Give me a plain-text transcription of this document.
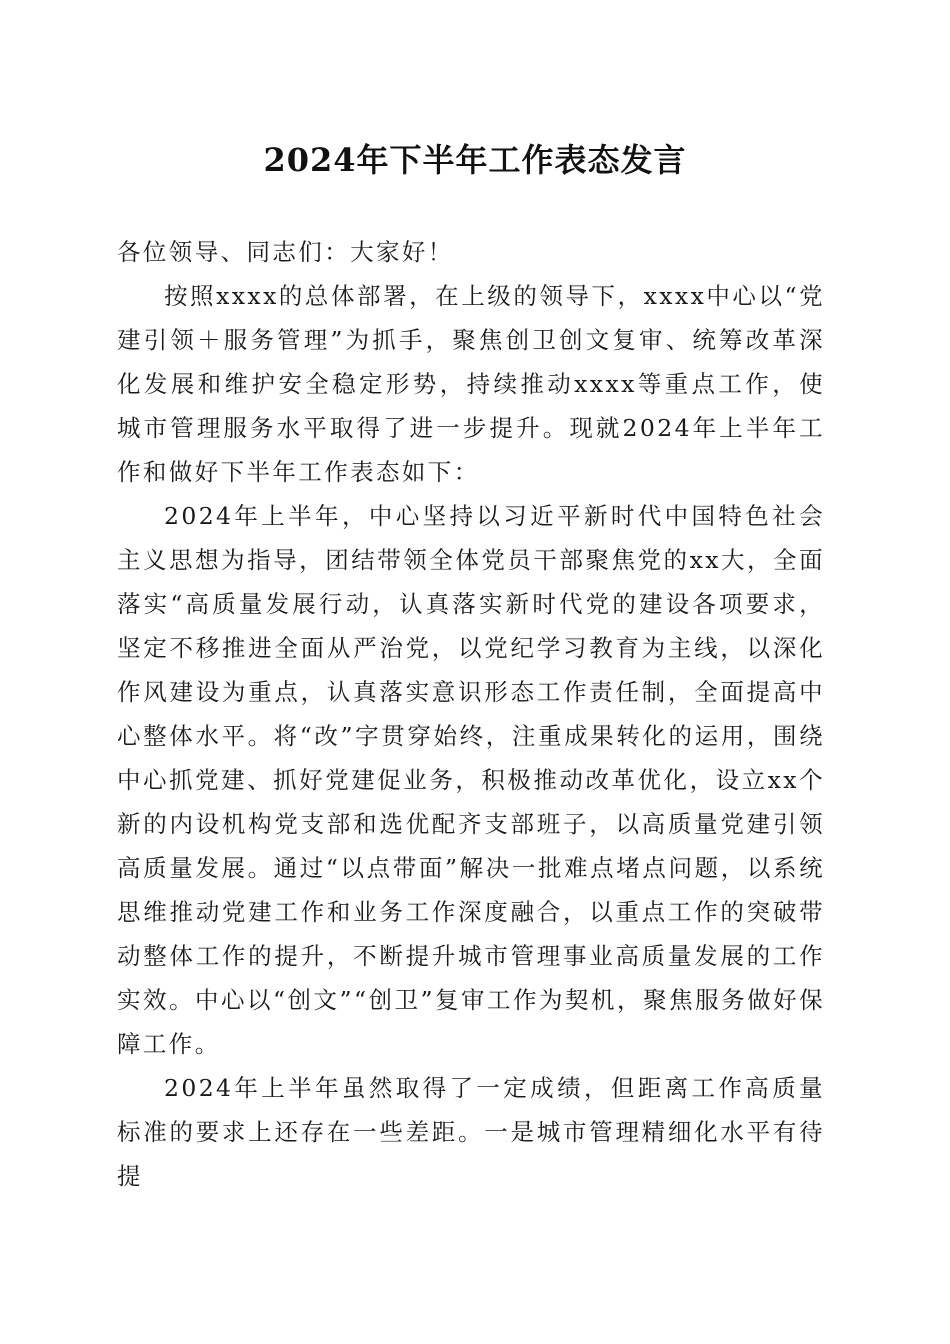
2024年下半年工作表态发言

各位领导、同志们：大家好！

按照xxxx的总体部署，在上级的领导下，xxxx中心以“党建引领＋服务管理”为抓手，聚焦创卫创文复审、统筹改革深化发展和维护安全稳定形势，持续推动xxxx等重点工作，使城市管理服务水平取得了进一步提升。现就2024年上半年工作和做好下半年工作表态如下：

2024年上半年，中心坚持以习近平新时代中国特色社会主义思想为指导，团结带领全体党员干部聚焦党的xx大，全面落实“高质量发展行动，认真落实新时代党的建设各项要求，坚定不移推进全面从严治党，以党纪学习教育为主线，以深化作风建设为重点，认真落实意识形态工作责任制，全面提高中心整体水平。将“改”字贯穿始终，注重成果转化的运用，围绕中心抓党建、抓好党建促业务，积极推动改革优化，设立xx个新的内设机构党支部和选优配齐支部班子，以高质量党建引领高质量发展。通过“以点带面”解决一批难点堵点问题，以系统思维推动党建工作和业务工作深度融合，以重点工作的突破带动整体工作的提升，不断提升城市管理事业高质量发展的工作实效。中心以“创文”“创卫”复审工作为契机，聚焦服务做好保障工作。

2024年上半年虽然取得了一定成绩，但距离工作高质量标准的要求上还存在一些差距。一是城市管理精细化水平有待提
